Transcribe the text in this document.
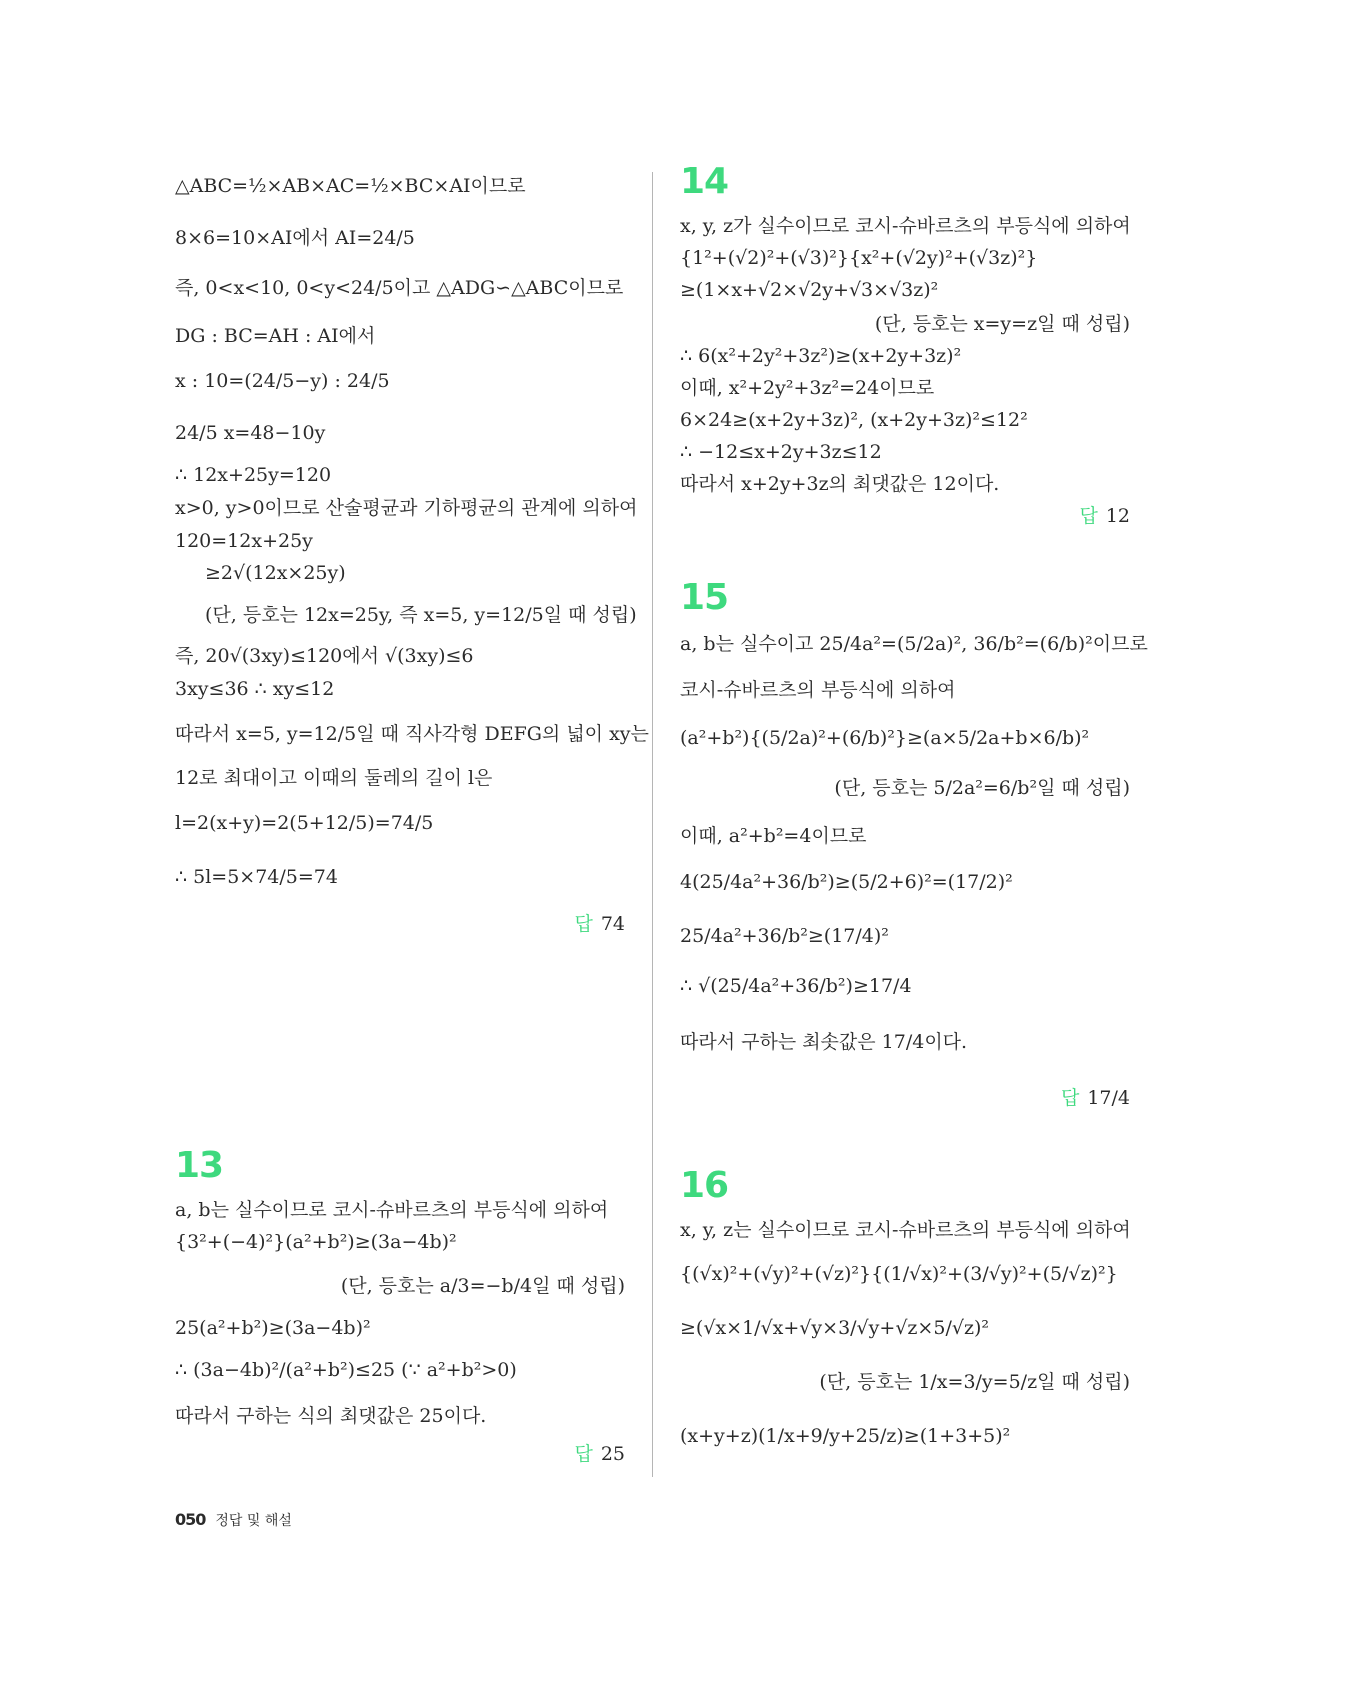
△ABC=½×AB×AC=½×BC×AI이므로
8×6=10×AI에서 AI=24/5
즉, 0<x<10, 0<y<24/5이고 △ADG∽△ABC이므로
DG : BC=AH : AI에서
x : 10=(24/5−y) : 24/5
24/5 x=48−10y
∴ 12x+25y=120
x>0, y>0이므로 산술평균과 기하평균의 관계에 의하여
120=12x+25y
≥2√(12x×25y)
(단, 등호는 12x=25y, 즉 x=5, y=12/5일 때 성립)
즉, 20√(3xy)≤120에서 √(3xy)≤6
3xy≤36 ∴ xy≤12
따라서 x=5, y=12/5일 때 직사각형 DEFG의 넓이 xy는
12로 최대이고 이때의 둘레의 길이 l은
l=2(x+y)=2(5+12/5)=74/5
∴ 5l=5×74/5=74
답 74
13
a, b는 실수이므로 코시-슈바르츠의 부등식에 의하여
{3²+(−4)²}(a²+b²)≥(3a−4b)²
(단, 등호는 a/3=−b/4일 때 성립)
25(a²+b²)≥(3a−4b)²
∴ (3a−4b)²/(a²+b²)≤25 (∵ a²+b²>0)
따라서 구하는 식의 최댓값은 25이다.
답 25
14
x, y, z가 실수이므로 코시-슈바르츠의 부등식에 의하여
{1²+(√2)²+(√3)²}{x²+(√2y)²+(√3z)²}
≥(1×x+√2×√2y+√3×√3z)²
(단, 등호는 x=y=z일 때 성립)
∴ 6(x²+2y²+3z²)≥(x+2y+3z)²
이때, x²+2y²+3z²=24이므로
6×24≥(x+2y+3z)², (x+2y+3z)²≤12²
∴ −12≤x+2y+3z≤12
따라서 x+2y+3z의 최댓값은 12이다.
답 12
15
a, b는 실수이고 25/4a²=(5/2a)², 36/b²=(6/b)²이므로
코시-슈바르츠의 부등식에 의하여
(a²+b²){(5/2a)²+(6/b)²}≥(a×5/2a+b×6/b)²
(단, 등호는 5/2a²=6/b²일 때 성립)
이때, a²+b²=4이므로
4(25/4a²+36/b²)≥(5/2+6)²=(17/2)²
25/4a²+36/b²≥(17/4)²
∴ √(25/4a²+36/b²)≥17/4
따라서 구하는 최솟값은 17/4이다.
답 17/4
16
x, y, z는 실수이므로 코시-슈바르츠의 부등식에 의하여
{(√x)²+(√y)²+(√z)²}{(1/√x)²+(3/√y)²+(5/√z)²}
≥(√x×1/√x+√y×3/√y+√z×5/√z)²
(단, 등호는 1/x=3/y=5/z일 때 성립)
(x+y+z)(1/x+9/y+25/z)≥(1+3+5)²
050 정답 및 해설
